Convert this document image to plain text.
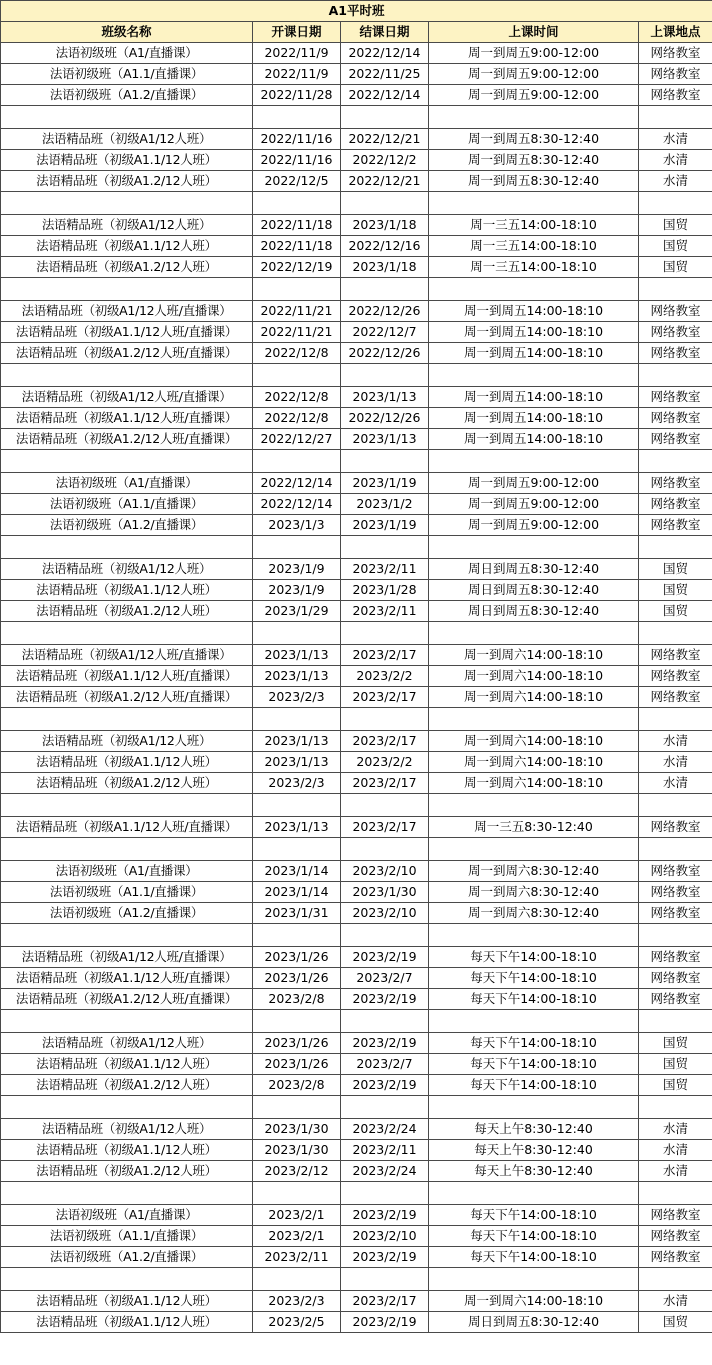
A1平时班				
班级名称	开课日期	结课日期	上课时间	上课地点
法语初级班（A1/直播课）	2022/11/9	2022/12/14	周一到周五9:00-12:00	网络教室
法语初级班（A1.1/直播课）	2022/11/9	2022/11/25	周一到周五9:00-12:00	网络教室
法语初级班（A1.2/直播课）	2022/11/28	2022/12/14	周一到周五9:00-12:00	网络教室

法语精品班（初级A1/12人班）	2022/11/16	2022/12/21	周一到周五8:30-12:40	水清
法语精品班（初级A1.1/12人班）	2022/11/16	2022/12/2	周一到周五8:30-12:40	水清
法语精品班（初级A1.2/12人班）	2022/12/5	2022/12/21	周一到周五8:30-12:40	水清

法语精品班（初级A1/12人班）	2022/11/18	2023/1/18	周一三五14:00-18:10	国贸
法语精品班（初级A1.1/12人班）	2022/11/18	2022/12/16	周一三五14:00-18:10	国贸
法语精品班（初级A1.2/12人班）	2022/12/19	2023/1/18	周一三五14:00-18:10	国贸

法语精品班（初级A1/12人班/直播课）	2022/11/21	2022/12/26	周一到周五14:00-18:10	网络教室
法语精品班（初级A1.1/12人班/直播课）	2022/11/21	2022/12/7	周一到周五14:00-18:10	网络教室
法语精品班（初级A1.2/12人班/直播课）	2022/12/8	2022/12/26	周一到周五14:00-18:10	网络教室

法语精品班（初级A1/12人班/直播课）	2022/12/8	2023/1/13	周一到周五14:00-18:10	网络教室
法语精品班（初级A1.1/12人班/直播课）	2022/12/8	2022/12/26	周一到周五14:00-18:10	网络教室
法语精品班（初级A1.2/12人班/直播课）	2022/12/27	2023/1/13	周一到周五14:00-18:10	网络教室

法语初级班（A1/直播课）	2022/12/14	2023/1/19	周一到周五9:00-12:00	网络教室
法语初级班（A1.1/直播课）	2022/12/14	2023/1/2	周一到周五9:00-12:00	网络教室
法语初级班（A1.2/直播课）	2023/1/3	2023/1/19	周一到周五9:00-12:00	网络教室

法语精品班（初级A1/12人班）	2023/1/9	2023/2/11	周日到周五8:30-12:40	国贸
法语精品班（初级A1.1/12人班）	2023/1/9	2023/1/28	周日到周五8:30-12:40	国贸
法语精品班（初级A1.2/12人班）	2023/1/29	2023/2/11	周日到周五8:30-12:40	国贸

法语精品班（初级A1/12人班/直播课）	2023/1/13	2023/2/17	周一到周六14:00-18:10	网络教室
法语精品班（初级A1.1/12人班/直播课）	2023/1/13	2023/2/2	周一到周六14:00-18:10	网络教室
法语精品班（初级A1.2/12人班/直播课）	2023/2/3	2023/2/17	周一到周六14:00-18:10	网络教室

法语精品班（初级A1/12人班）	2023/1/13	2023/2/17	周一到周六14:00-18:10	水清
法语精品班（初级A1.1/12人班）	2023/1/13	2023/2/2	周一到周六14:00-18:10	水清
法语精品班（初级A1.2/12人班）	2023/2/3	2023/2/17	周一到周六14:00-18:10	水清

法语精品班（初级A1.1/12人班/直播课）	2023/1/13	2023/2/17	周一三五8:30-12:40	网络教室

法语初级班（A1/直播课）	2023/1/14	2023/2/10	周一到周六8:30-12:40	网络教室
法语初级班（A1.1/直播课）	2023/1/14	2023/1/30	周一到周六8:30-12:40	网络教室
法语初级班（A1.2/直播课）	2023/1/31	2023/2/10	周一到周六8:30-12:40	网络教室

法语精品班（初级A1/12人班/直播课）	2023/1/26	2023/2/19	每天下午14:00-18:10	网络教室
法语精品班（初级A1.1/12人班/直播课）	2023/1/26	2023/2/7	每天下午14:00-18:10	网络教室
法语精品班（初级A1.2/12人班/直播课）	2023/2/8	2023/2/19	每天下午14:00-18:10	网络教室

法语精品班（初级A1/12人班）	2023/1/26	2023/2/19	每天下午14:00-18:10	国贸
法语精品班（初级A1.1/12人班）	2023/1/26	2023/2/7	每天下午14:00-18:10	国贸
法语精品班（初级A1.2/12人班）	2023/2/8	2023/2/19	每天下午14:00-18:10	国贸

法语精品班（初级A1/12人班）	2023/1/30	2023/2/24	每天上午8:30-12:40	水清
法语精品班（初级A1.1/12人班）	2023/1/30	2023/2/11	每天上午8:30-12:40	水清
法语精品班（初级A1.2/12人班）	2023/2/12	2023/2/24	每天上午8:30-12:40	水清

法语初级班（A1/直播课）	2023/2/1	2023/2/19	每天下午14:00-18:10	网络教室
法语初级班（A1.1/直播课）	2023/2/1	2023/2/10	每天下午14:00-18:10	网络教室
法语初级班（A1.2/直播课）	2023/2/11	2023/2/19	每天下午14:00-18:10	网络教室

法语精品班（初级A1.1/12人班）	2023/2/3	2023/2/17	周一到周六14:00-18:10	水清
法语精品班（初级A1.1/12人班）	2023/2/5	2023/2/19	周日到周五8:30-12:40	国贸
